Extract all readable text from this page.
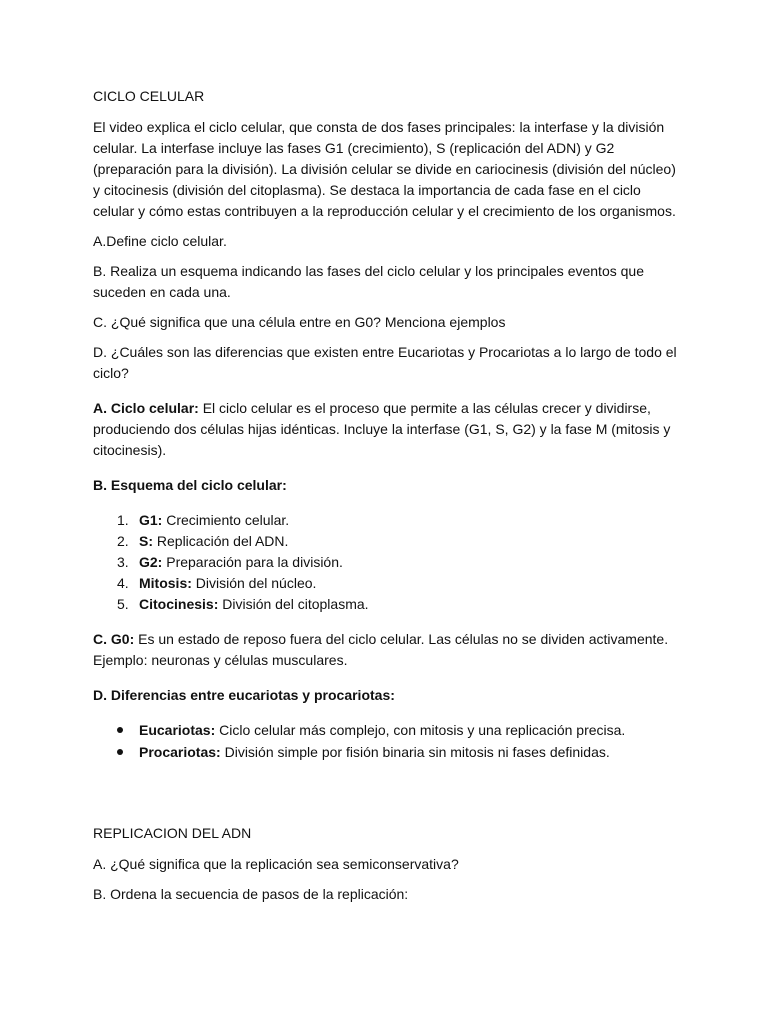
CICLO CELULAR

El video explica el ciclo celular, que consta de dos fases principales: la interfase y la división celular. La interfase incluye las fases G1 (crecimiento), S (replicación del ADN) y G2 (preparación para la división). La división celular se divide en cariocinesis (división del núcleo) y citocinesis (división del citoplasma). Se destaca la importancia de cada fase en el ciclo celular y cómo estas contribuyen a la reproducción celular y el crecimiento de los organismos.

A.Define ciclo celular.

B. Realiza un esquema indicando las fases del ciclo celular y los principales eventos que suceden en cada una.

C. ¿Qué significa que una célula entre en G0? Menciona ejemplos

D. ¿Cuáles son las diferencias que existen entre Eucariotas y Procariotas a lo largo de todo el ciclo?

A. Ciclo celular: El ciclo celular es el proceso que permite a las células crecer y dividirse, produciendo dos células hijas idénticas. Incluye la interfase (G1, S, G2) y la fase M (mitosis y citocinesis).

B. Esquema del ciclo celular:

1. G1: Crecimiento celular.
2. S: Replicación del ADN.
3. G2: Preparación para la división.
4. Mitosis: División del núcleo.
5. Citocinesis: División del citoplasma.

C. G0: Es un estado de reposo fuera del ciclo celular. Las células no se dividen activamente. Ejemplo: neuronas y células musculares.

D. Diferencias entre eucariotas y procariotas:

Eucariotas: Ciclo celular más complejo, con mitosis y una replicación precisa.
Procariotas: División simple por fisión binaria sin mitosis ni fases definidas.

REPLICACION DEL ADN

A. ¿Qué significa que la replicación sea semiconservativa?

B. Ordena la secuencia de pasos de la replicación:
